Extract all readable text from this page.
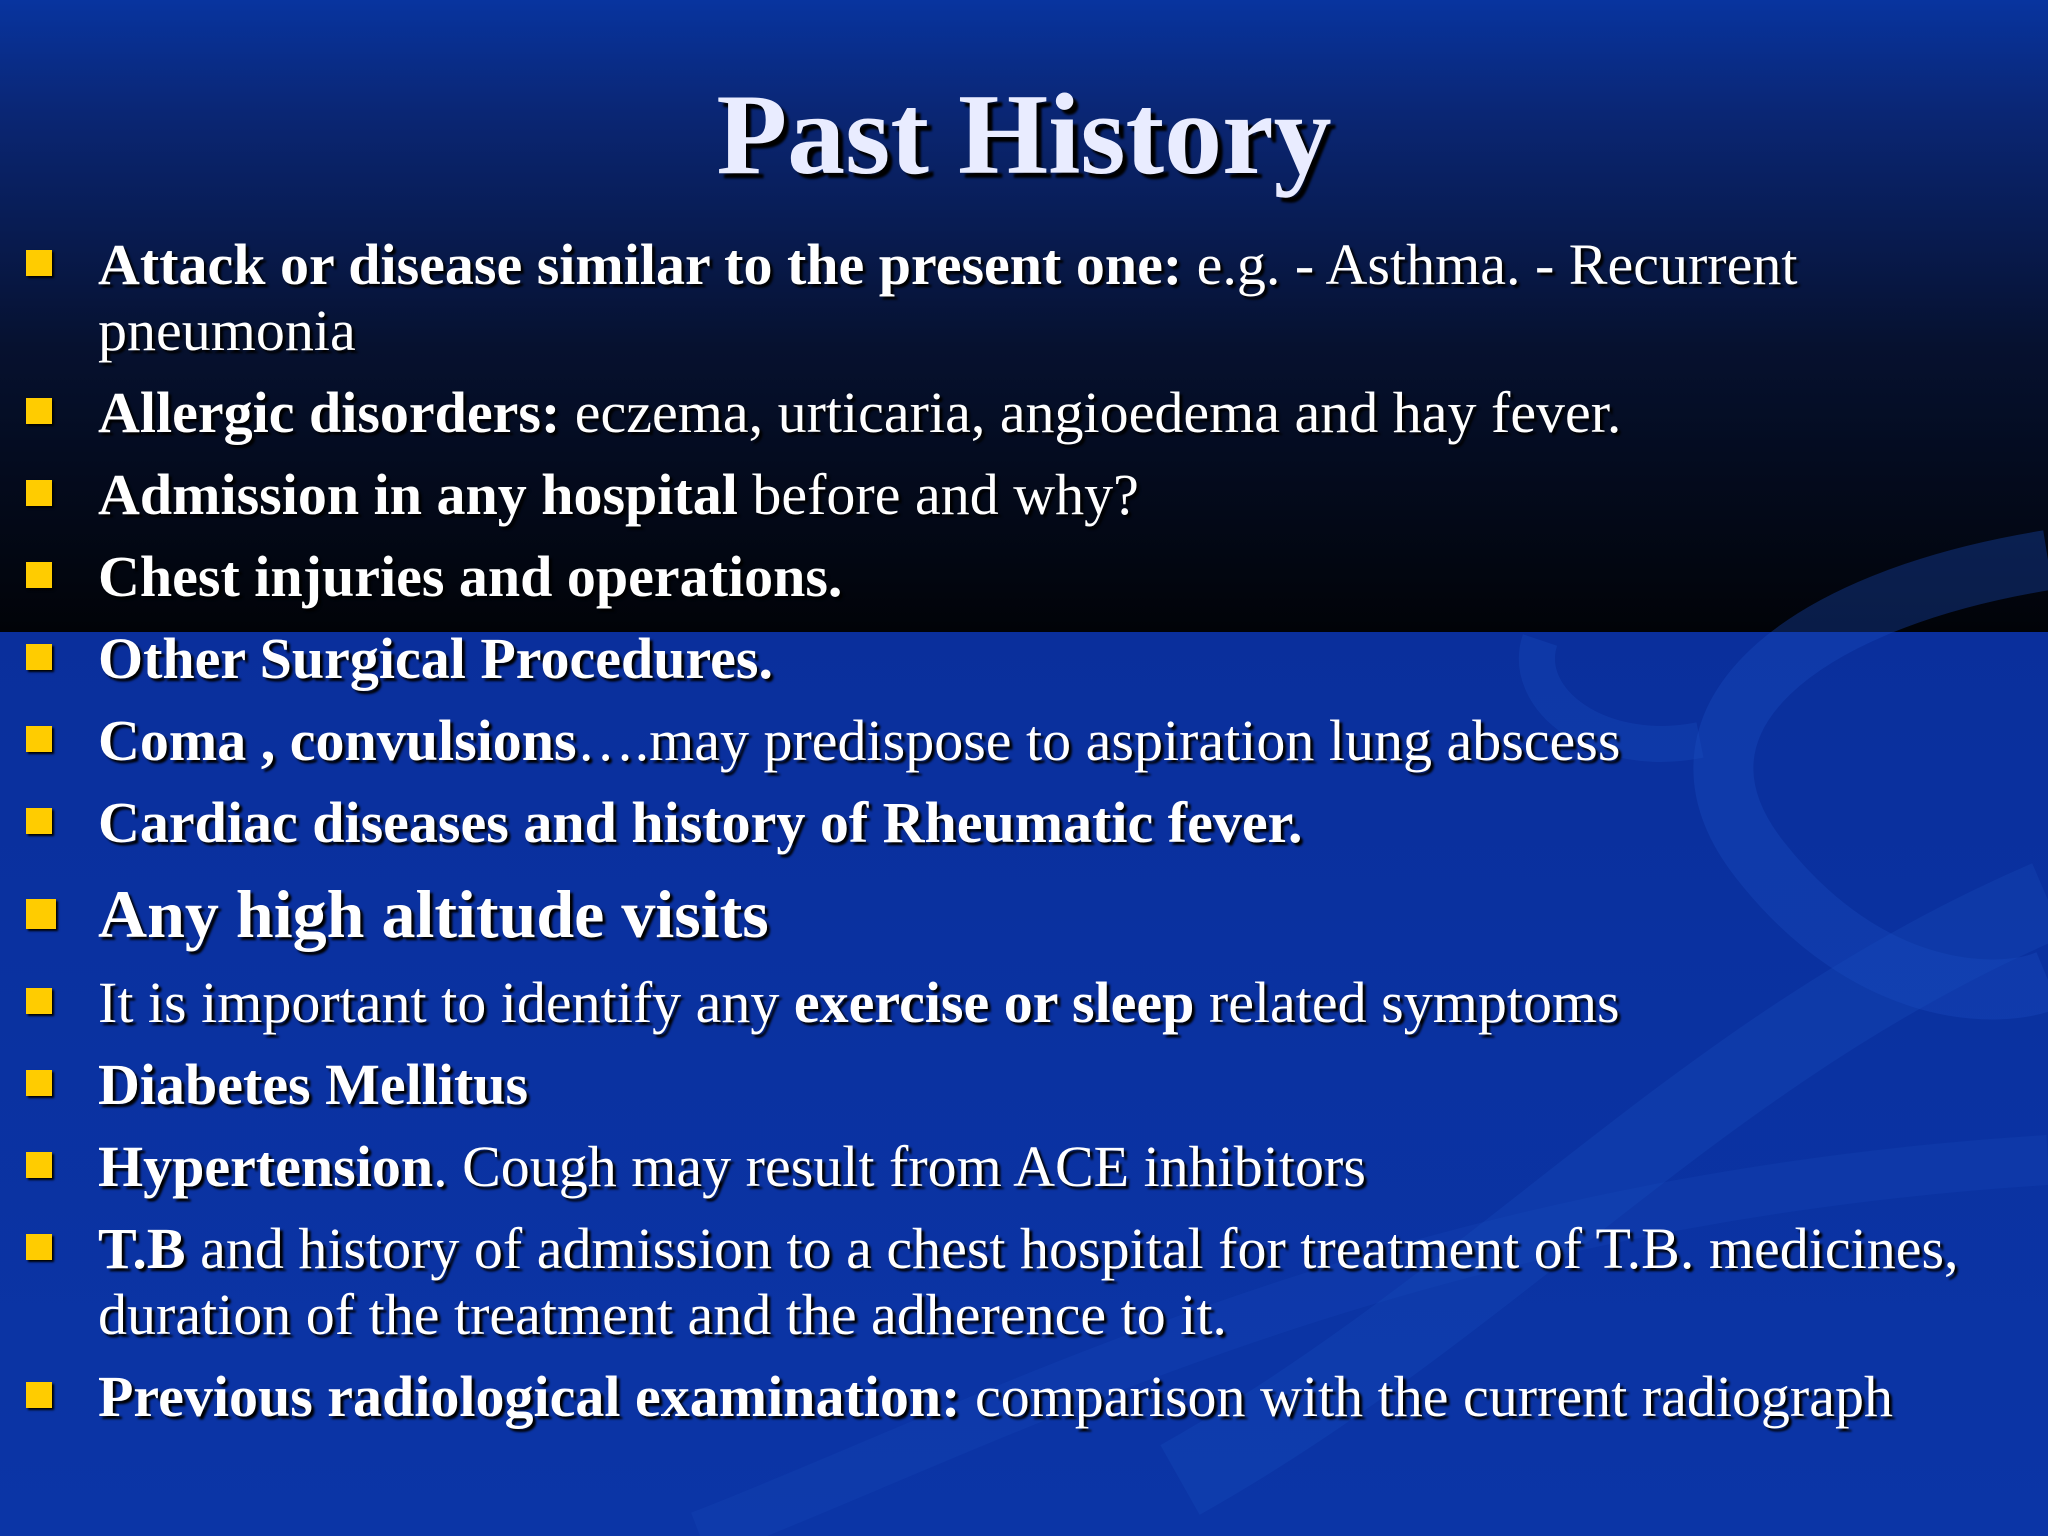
Past History
Attack or disease similar to the present one: e.g. - Asthma. - Recurrent pneumonia
Allergic disorders: eczema, urticaria, angioedema and hay fever.
Admission in any hospital before and why?
Chest injuries and operations.
Other Surgical Procedures.
Coma , convulsions….may predispose to aspiration lung abscess
Cardiac diseases and history of Rheumatic fever.
Any high altitude visits
It is important to identify any exercise or sleep related symptoms
Diabetes Mellitus
Hypertension. Cough may result from ACE inhibitors
T.B and history of admission to a chest hospital for treatment of T.B. medicines, duration of the treatment and the adherence to it.
Previous radiological examination: comparison with the current radiograph
